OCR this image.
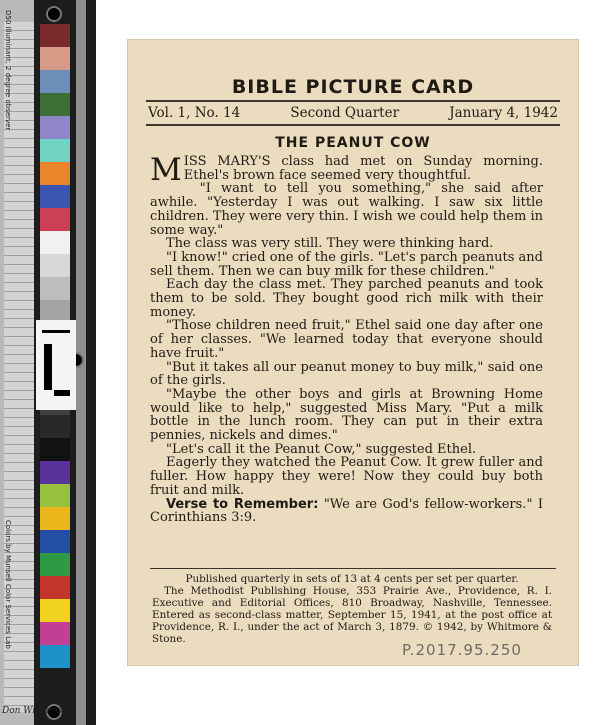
D50 Illuminant, 2 degree observer
Colors by Munsell Color Services Lab
Don Williams
BIBLE PICTURE CARD
Vol. 1, No. 14	Second Quarter	January 4, 1942
THE PEANUT COW

MISS MARY'S class had met on Sunday morning. Ethel's brown face seemed very thoughtful.

"I want to tell you something," she said after awhile. "Yesterday I was out walking. I saw six little children. They were very thin. I wish we could help them in some way."

The class was very still. They were thinking hard.

"I know!" cried one of the girls. "Let's parch peanuts and sell them. Then we can buy milk for these children."

Each day the class met. They parched peanuts and took them to be sold. They bought good rich milk with their money.

"Those children need fruit," Ethel said one day after one of her classes. "We learned today that everyone should have fruit."

"But it takes all our peanut money to buy milk," said one of the girls.

"Maybe the other boys and girls at Browning Home would like to help," suggested Miss Mary. "Put a milk bottle in the lunch room. They can put in their extra pennies, nickels and dimes."

"Let's call it the Peanut Cow," suggested Ethel.

Eagerly they watched the Peanut Cow. It grew fuller and fuller. How happy they were! Now they could buy both fruit and milk.

Verse to Remember: "We are God's fellow-workers." I Corinthians 3:9.

Published quarterly in sets of 13 at 4 cents per set per quarter.
The Methodist Publishing House, 353 Prairie Ave., Providence, R. I. Executive and Editorial Offices, 810 Broadway, Nashville, Tennessee. Entered as second-class matter, September 15, 1941, at the post office at Providence, R. I., under the act of March 3, 1879. © 1942, by Whitmore & Stone.
P.2017.95.250
